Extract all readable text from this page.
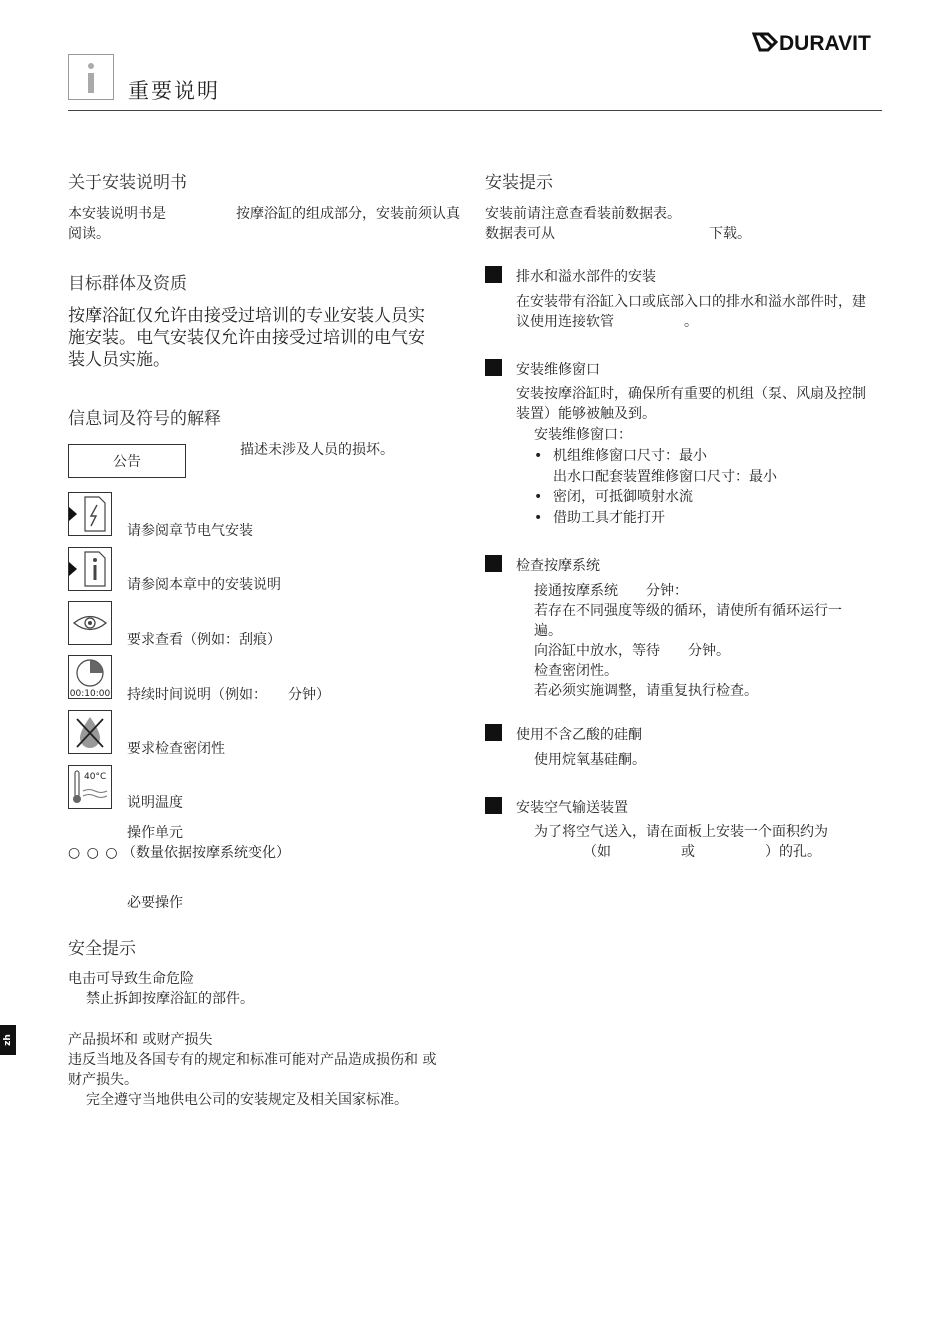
DURAVIT
重要说明
关于安装说明书
本安装说明书是　　　　　按摩浴缸的组成部分，安装前须认真
阅读。
目标群体及资质
按摩浴缸仅允许由接受过培训的专业安装人员实
施安装。电气安装仅允许由接受过培训的电气安
装人员实施。
信息词及符号的解释
公告
描述未涉及人员的损坏。
请参阅章节电气安装
请参阅本章中的安装说明
要求查看（例如：刮痕）
00:10:00 持续时间说明（例如：　　分钟）
要求检查密闭性
40°C
说明温度
操作单元
○ ○ ○ （数量依据按摩系统变化）
必要操作
安全提示
电击可导致生命危险
禁止拆卸按摩浴缸的部件。
产品损坏和 或财产损失
违反当地及各国专有的规定和标准可能对产品造成损伤和 或
财产损失。
完全遵守当地供电公司的安装规定及相关国家标准。
zh
安装提示
安装前请注意查看装前数据表。
数据表可从　　　　　　　　　　　下载。
排水和溢水部件的安装
在安装带有浴缸入口或底部入口的排水和溢水部件时，建
议使用连接软管　　　　　。
安装维修窗口
安装按摩浴缸时，确保所有重要的机组（泵、风扇及控制
装置）能够被触及到。
安装维修窗口：
• 机组维修窗口尺寸：最小
出水口配套装置维修窗口尺寸：最小
• 密闭，可抵御喷射水流
• 借助工具才能打开
检查按摩系统
接通按摩系统　　分钟：
若存在不同强度等级的循环，请使所有循环运行一
遍。
向浴缸中放水，等待　　分钟。
检查密闭性。
若必须实施调整，请重复执行检查。
使用不含乙酸的硅酮
使用烷氧基硅酮。
安装空气输送装置
为了将空气送入，请在面板上安装一个面积约为
　　　　（如　　　　　或　　　　　）的孔。
